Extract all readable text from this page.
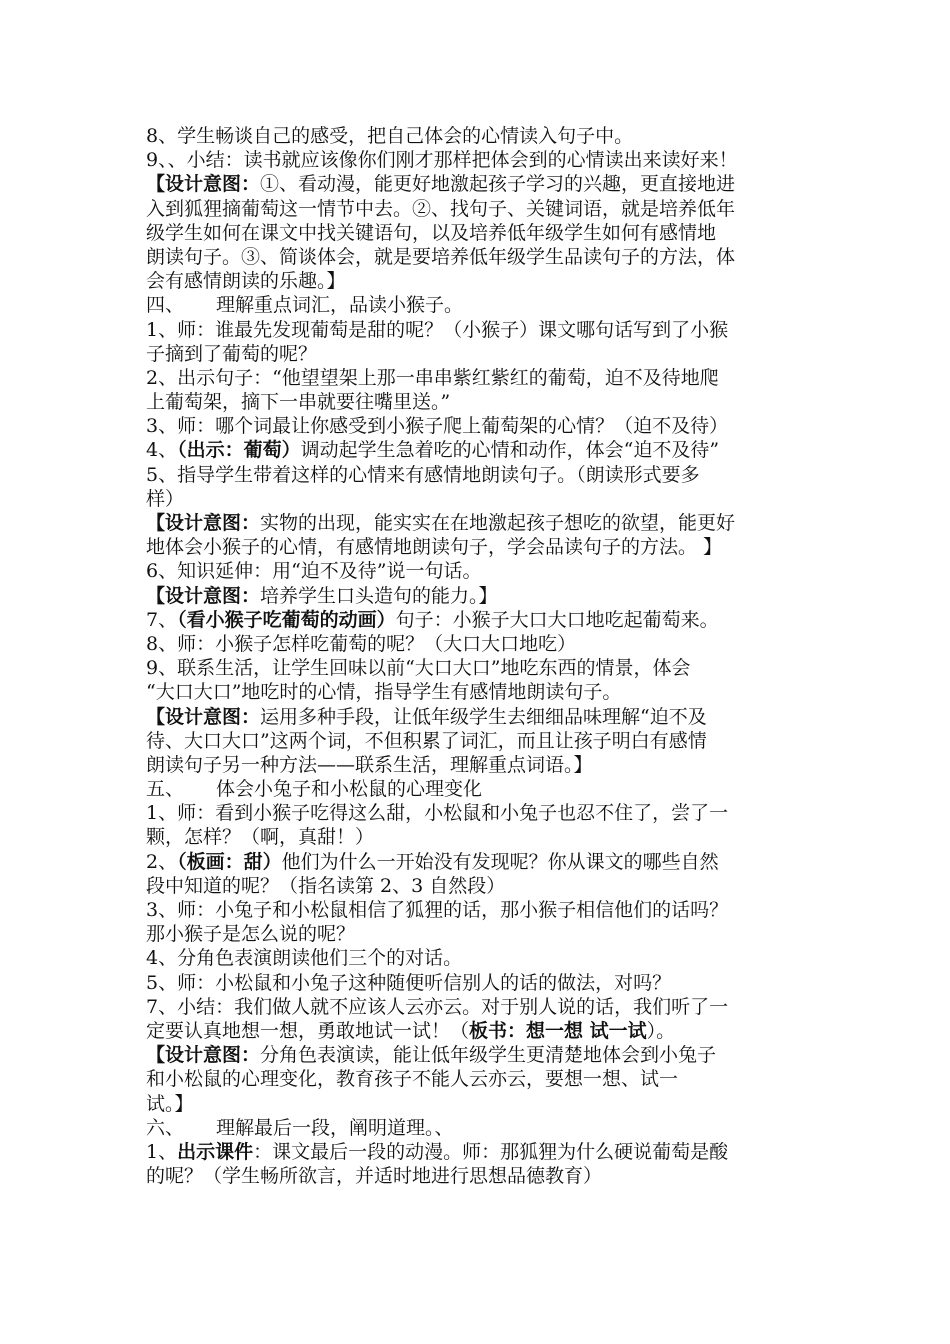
8、学生畅谈自己的感受，把自己体会的心情读入句子中。
9、、小结：读书就应该像你们刚才那样把体会到的心情读出来读好来！
【设计意图：①、看动漫，能更好地激起孩子学习的兴趣，更直接地进
入到狐狸摘葡萄这一情节中去。②、找句子、关键词语，就是培养低年
级学生如何在课文中找关键语句，以及培养低年级学生如何有感情地
朗读句子。③、简谈体会，就是要培养低年级学生品读句子的方法，体
会有感情朗读的乐趣。】
四、 理解重点词汇，品读小猴子。
1、师：谁最先发现葡萄是甜的呢？（小猴子）课文哪句话写到了小猴
子摘到了葡萄的呢？
2、出示句子：“他望望架上那一串串紫红紫红的葡萄，迫不及待地爬
上葡萄架，摘下一串就要往嘴里送。”
3、师：哪个词最让你感受到小猴子爬上葡萄架的心情？（迫不及待）
4、（出示：葡萄）调动起学生急着吃的心情和动作，体会“迫不及待”
5、指导学生带着这样的心情来有感情地朗读句子。（朗读形式要多
样）
【设计意图：实物的出现，能实实在在地激起孩子想吃的欲望，能更好
地体会小猴子的心情，有感情地朗读句子，学会品读句子的方法。 】
6、知识延伸：用“迫不及待”说一句话。
【设计意图：培养学生口头造句的能力。】
7、（看小猴子吃葡萄的动画）句子：小猴子大口大口地吃起葡萄来。
8、师：小猴子怎样吃葡萄的呢？（大口大口地吃）
9、联系生活，让学生回味以前“大口大口”地吃东西的情景，体会
“大口大口”地吃时的心情，指导学生有感情地朗读句子。
【设计意图：运用多种手段，让低年级学生去细细品味理解“迫不及
待、大口大口”这两个词，不但积累了词汇，而且让孩子明白有感情
朗读句子另一种方法——联系生活，理解重点词语。】
五、 体会小兔子和小松鼠的心理变化
1、师：看到小猴子吃得这么甜，小松鼠和小兔子也忍不住了，尝了一
颗，怎样？（啊，真甜！）
2、（板画：甜）他们为什么一开始没有发现呢？你从课文的哪些自然
段中知道的呢？（指名读第 2、3 自然段）
3、师：小兔子和小松鼠相信了狐狸的话，那小猴子相信他们的话吗？
那小猴子是怎么说的呢？
4、分角色表演朗读他们三个的对话。
5、师：小松鼠和小兔子这种随便听信别人的话的做法，对吗？
7、小结：我们做人就不应该人云亦云。对于别人说的话，我们听了一
定要认真地想一想，勇敢地试一试！（板书：想一想 试一试）。
【设计意图：分角色表演读，能让低年级学生更清楚地体会到小兔子
和小松鼠的心理变化，教育孩子不能人云亦云，要想一想、试一
试。】
六、 理解最后一段，阐明道理。、
1、出示课件：课文最后一段的动漫。师：那狐狸为什么硬说葡萄是酸
的呢？（学生畅所欲言，并适时地进行思想品德教育）
